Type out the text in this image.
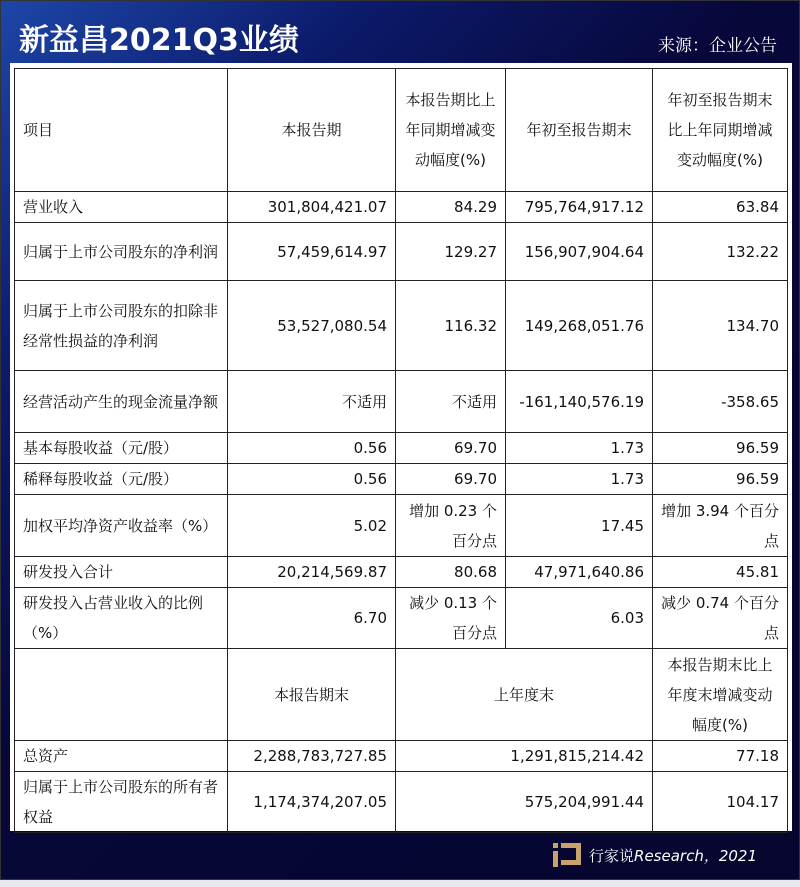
新益昌2021Q3业绩	来源：企业公告
项目	本报告期	本报告期比上年同期增减变动幅度(%)	年初至报告期末	年初至报告期末比上年同期增减变动幅度(%)
营业收入	301,804,421.07	84.29	795,764,917.12	63.84
归属于上市公司股东的净利润	57,459,614.97	129.27	156,907,904.64	132.22
归属于上市公司股东的扣除非经常性损益的净利润	53,527,080.54	116.32	149,268,051.76	134.70
经营活动产生的现金流量净额	不适用	不适用	-161,140,576.19	-358.65
基本每股收益（元/股）	0.56	69.70	1.73	96.59
稀释每股收益（元/股）	0.56	69.70	1.73	96.59
加权平均净资产收益率（%）	5.02	增加 0.23 个百分点	17.45	增加 3.94 个百分点
研发投入合计	20,214,569.87	80.68	47,971,640.86	45.81
研发投入占营业收入的比例（%）	6.70	减少 0.13 个百分点	6.03	减少 0.74 个百分点
	本报告期末	上年度末		本报告期末比上年度末增减变动幅度(%)
总资产	2,288,783,727.85	1,291,815,214.42		77.18
归属于上市公司股东的所有者权益	1,174,374,207.05	575,204,991.44		104.17
行家说Research，2021
